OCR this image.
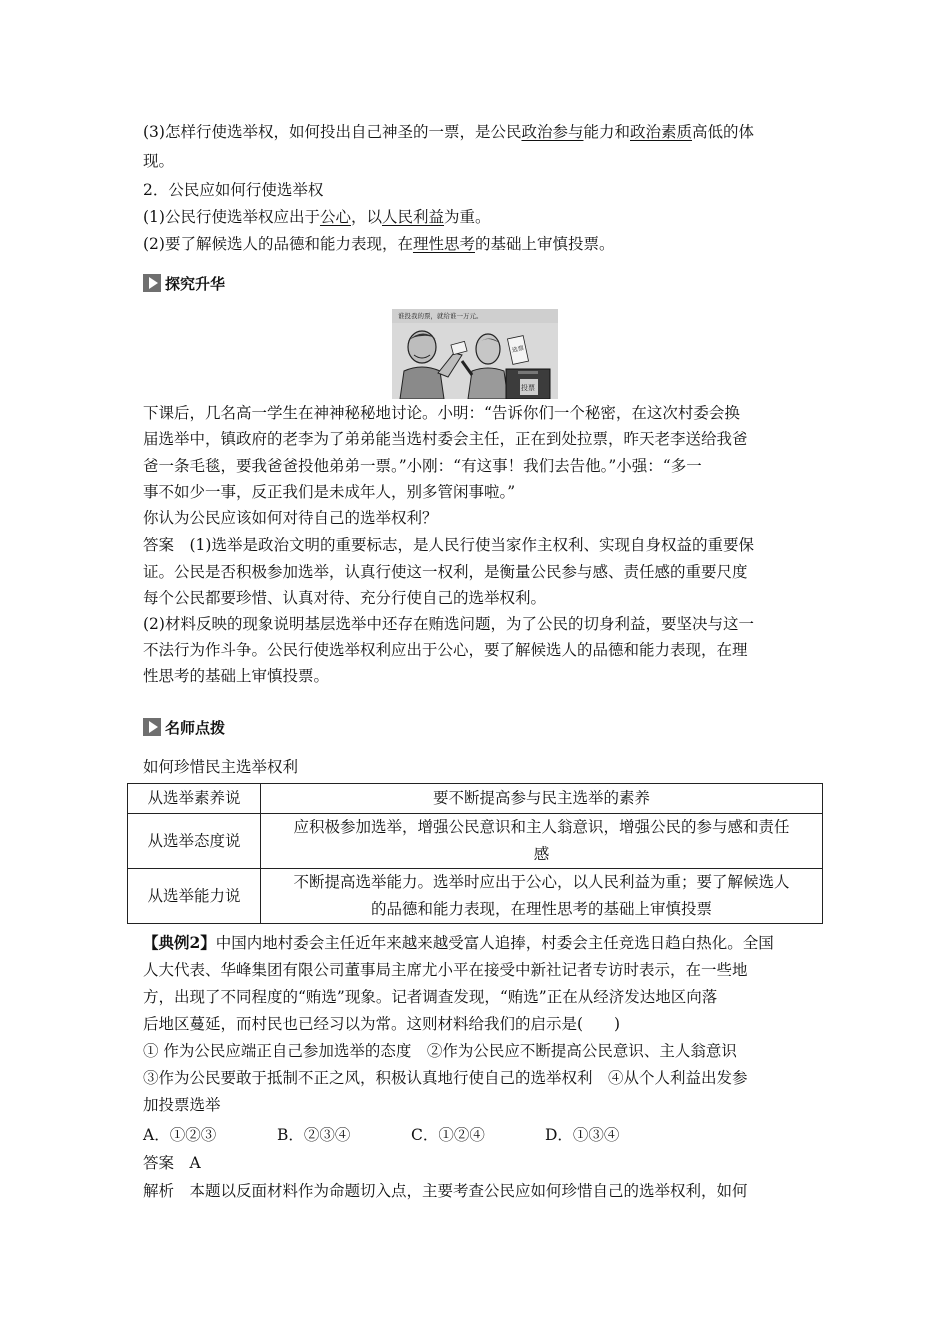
(3)怎样行使选举权，如何投出自己神圣的一票，是公民政治参与能力和政治素质高低的体
现。
2．公民应如何行使选举权
(1)公民行使选举权应出于公心，以人民利益为重。
(2)要了解候选人的品德和能力表现，在理性思考的基础上审慎投票。
探究升华
谁投我的票，就给谁一万元。
选票
投票
下课后，几名高一学生在神神秘秘地讨论。小明：“告诉你们一个秘密，在这次村委会换
届选举中，镇政府的老李为了弟弟能当选村委会主任，正在到处拉票，昨天老李送给我爸
爸一条毛毯，要我爸爸投他弟弟一票。”小刚：“有这事！我们去告他。”小强：“多一
事不如少一事，反正我们是未成年人，别多管闲事啦。”
你认为公民应该如何对待自己的选举权利？
答案　(1)选举是政治文明的重要标志，是人民行使当家作主权利、实现自身权益的重要保
证。公民是否积极参加选举，认真行使这一权利，是衡量公民参与感、责任感的重要尺度
每个公民都要珍惜、认真对待、充分行使自己的选举权利。
(2)材料反映的现象说明基层选举中还存在贿选问题，为了公民的切身利益，要坚决与这一
不法行为作斗争。公民行使选举权利应出于公心，要了解候选人的品德和能力表现，在理
性思考的基础上审慎投票。
名师点拨
如何珍惜民主选举权利
从选举素养说	要不断提高参与民主选举的素养
从选举态度说	应积极参加选举，增强公民意识和主人翁意识，增强公民的参与感和责任
感

从选举能力说	不断提高选举能力。选举时应出于公心，以人民利益为重；要了解候选人
的品德和能力表现，在理性思考的基础上审慎投票
【典例2】中国内地村委会主任近年来越来越受富人追捧，村委会主任竞选日趋白热化。全国
人大代表、华峰集团有限公司董事局主席尤小平在接受中新社记者专访时表示，在一些地
方，出现了不同程度的“贿选”现象。记者调查发现，“贿选”正在从经济发达地区向落
后地区蔓延，而村民也已经习以为常。这则材料给我们的启示是(　　)
① 作为公民应端正自己参加选举的态度　②作为公民应不断提高公民意识、主人翁意识
③作为公民要敢于抵制不正之风，积极认真地行使自己的选举权利　④从个人利益出发参
加投票选举
A．①②③	B．②③④	C．①②④	D．①③④
答案　A
解析　本题以反面材料作为命题切入点，主要考查公民应如何珍惜自己的选举权利，如何
